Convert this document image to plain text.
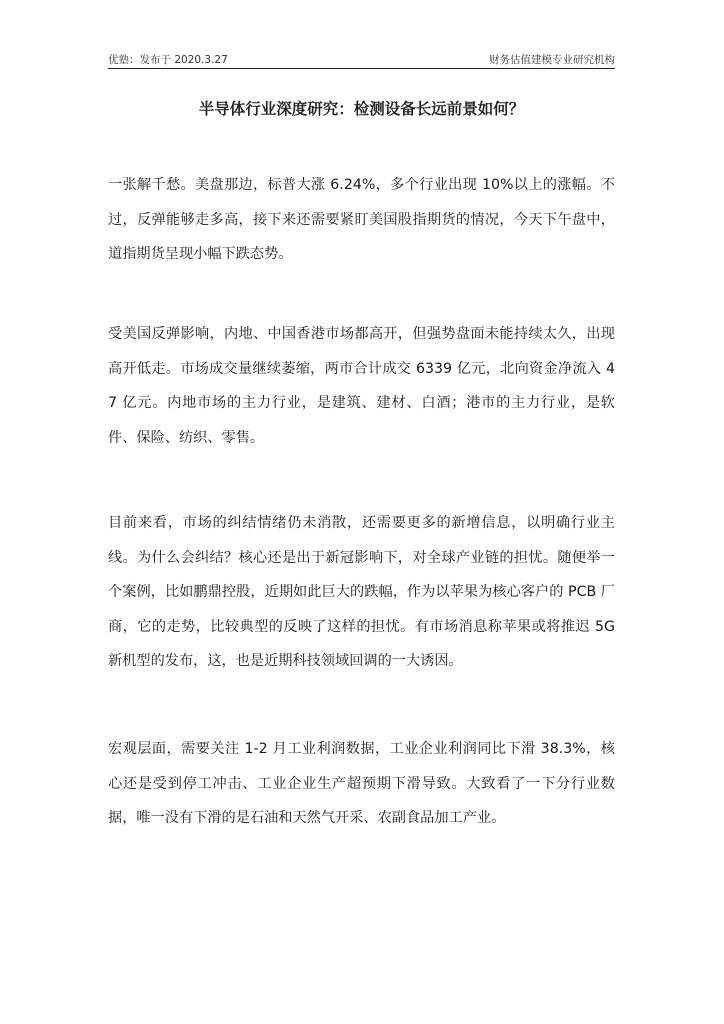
优塾：发布于 2020.3.27	财务估值建模专业研究机构
半导体行业深度研究：检测设备长远前景如何？

一张解千愁。美盘那边，标普大涨 6.24%，多个行业出现 10%以上的涨幅。不过，反弹能够走多高，接下来还需要紧盯美国股指期货的情况，今天下午盘中，道指期货呈现小幅下跌态势。

受美国反弹影响，内地、中国香港市场都高开，但强势盘面未能持续太久，出现高开低走。市场成交量继续萎缩，两市合计成交 6339 亿元，北向资金净流入 47 亿元。内地市场的主力行业，是建筑、建材、白酒；港市的主力行业，是软件、保险、纺织、零售。

目前来看，市场的纠结情绪仍未消散，还需要更多的新增信息，以明确行业主线。为什么会纠结？核心还是出于新冠影响下，对全球产业链的担忧。随便举一个案例，比如鹏鼎控股，近期如此巨大的跌幅，作为以苹果为核心客户的 PCB 厂商，它的走势，比较典型的反映了这样的担忧。有市场消息称苹果或将推迟 5G 新机型的发布，这，也是近期科技领域回调的一大诱因。

宏观层面，需要关注 1-2 月工业利润数据，工业企业利润同比下滑 38.3%，核心还是受到停工冲击、工业企业生产超预期下滑导致。大致看了一下分行业数据，唯一没有下滑的是石油和天然气开采、农副食品加工产业。
